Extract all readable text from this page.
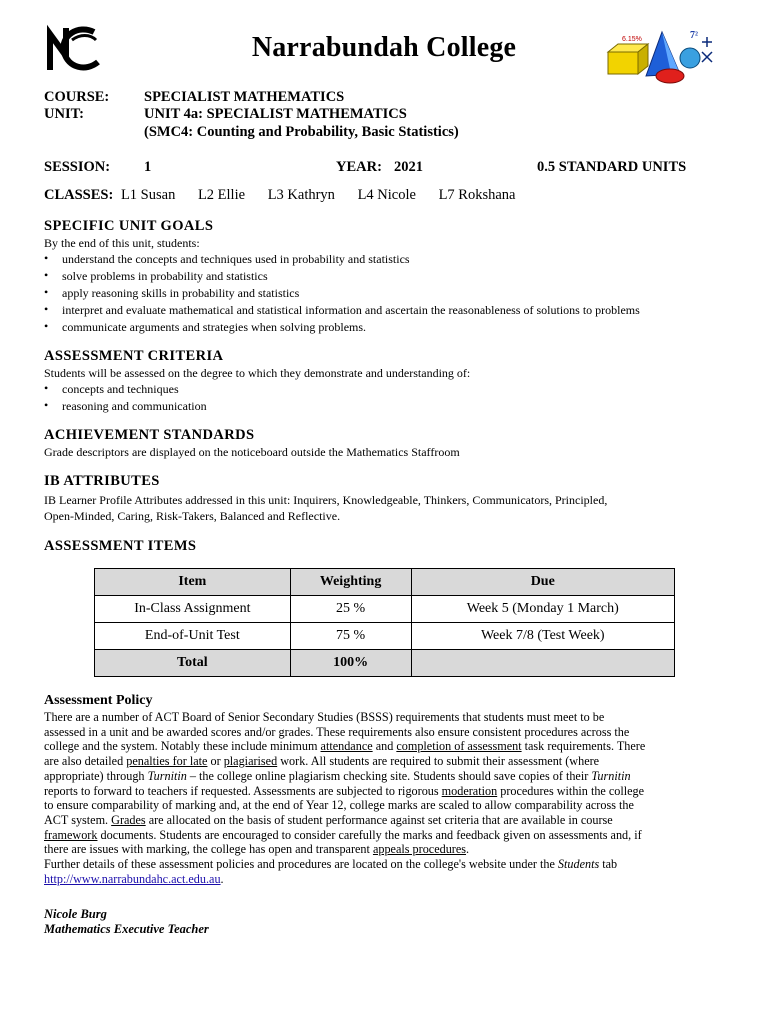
Narrabundah College	6.15%	7²
COURSE: SPECIALIST MATHEMATICS
UNIT:	UNIT 4a: SPECIALIST MATHEMATICS
(SMC4: Counting and Probability, Basic Statistics)
SESSION: 1	YEAR: 2021	0.5 STANDARD UNITS
CLASSES: L1 Susan L2 Ellie L3 Kathryn L4 Nicole L7 Rokshana
SPECIFIC UNIT GOALS
By the end of this unit, students:
• understand the concepts and techniques used in probability and statistics
• solve problems in probability and statistics
• apply reasoning skills in probability and statistics
• interpret and evaluate mathematical and statistical information and ascertain the reasonableness of solutions to problems
• communicate arguments and strategies when solving problems.
ASSESSMENT CRITERIA
Students will be assessed on the degree to which they demonstrate and understanding of:
• concepts and techniques
• reasoning and communication
ACHIEVEMENT STANDARDS
Grade descriptors are displayed on the noticeboard outside the Mathematics Staffroom
IB ATTRIBUTES
IB Learner Profile Attributes addressed in this unit: Inquirers, Knowledgeable, Thinkers, Communicators, Principled,
Open-Minded, Caring, Risk-Takers, Balanced and Reflective.
ASSESSMENT ITEMS
Item	Weighting	Due
In-Class Assignment	25 %	Week 5 (Monday 1 March)
End-of-Unit Test	75 %	Week 7/8 (Test Week)
Total	100%	
Assessment Policy
There are a number of ACT Board of Senior Secondary Studies (BSSS) requirements that students must meet to be
assessed in a unit and be awarded scores and/or grades. These requirements also ensure consistent procedures across the
college and the system. Notably these include minimum attendance and completion of assessment task requirements. There
are also detailed penalties for late or plagiarised work. All students are required to submit their assessment (where
appropriate) through Turnitin – the college online plagiarism checking site. Students should save copies of their Turnitin
reports to forward to teachers if requested. Assessments are subjected to rigorous moderation procedures within the college
to ensure comparability of marking and, at the end of Year 12, college marks are scaled to allow comparability across the
ACT system. Grades are allocated on the basis of student performance against set criteria that are available in course
framework documents. Students are encouraged to consider carefully the marks and feedback given on assessments and, if
there are issues with marking, the college has open and transparent appeals procedures.
Further details of these assessment policies and procedures are located on the college's website under the Students tab
http://www.narrabundahc.act.edu.au.
Nicole Burg
Mathematics Executive Teacher
